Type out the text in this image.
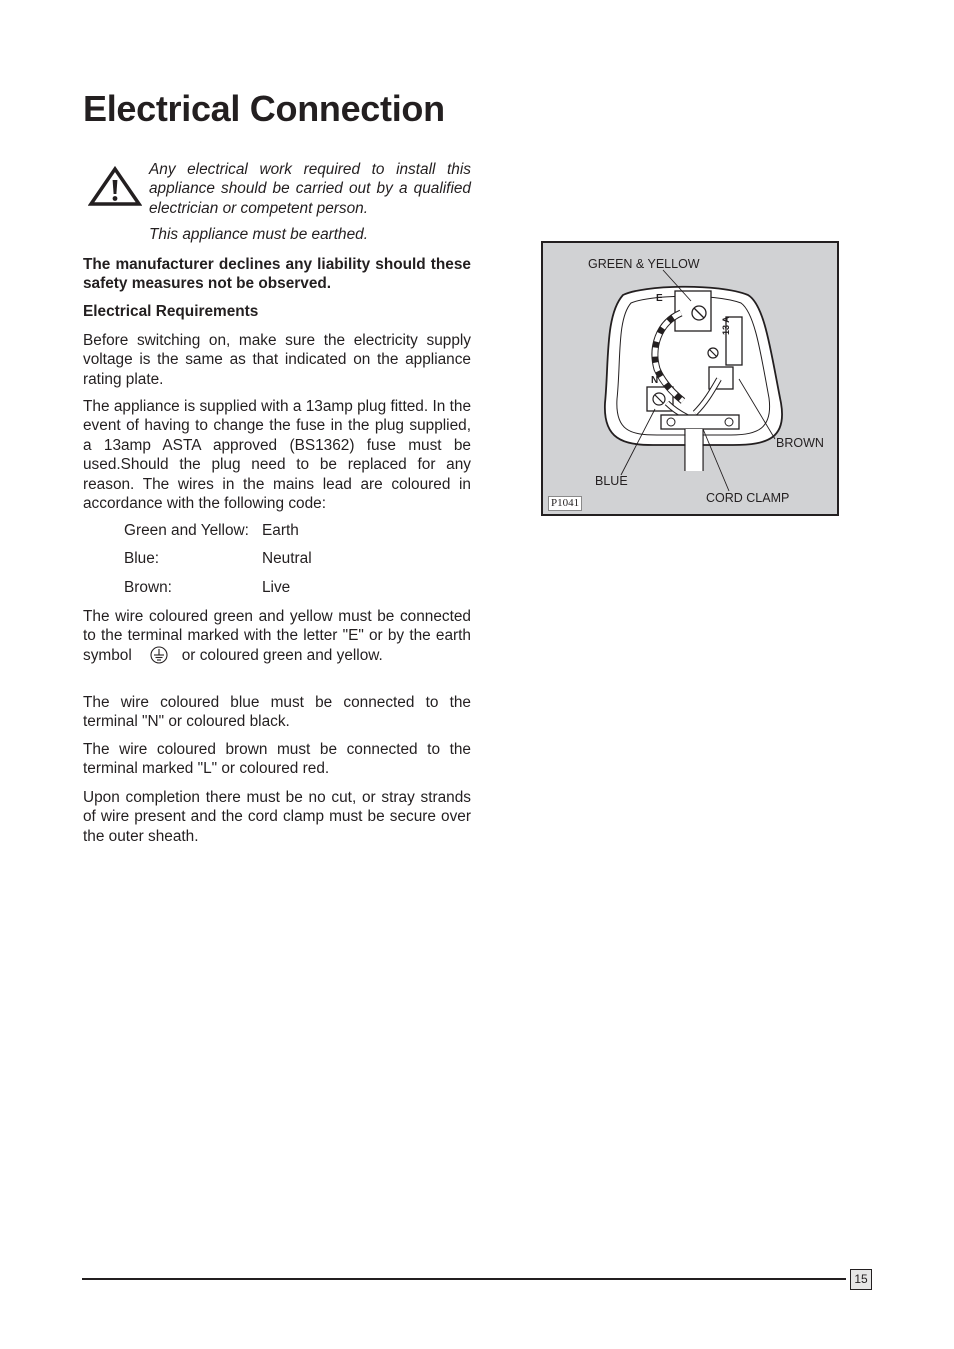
Electrical Connection
Any electrical work required to install this appliance should be carried out by a qualified electrician or competent person.
This appliance must be earthed.

The manufacturer declines any liability should these safety measures not be observed.

Electrical Requirements

Before switching on, make sure the electricity supply voltage is the same as that indicated on the appliance rating plate.

The appliance is supplied with a 13amp plug fitted. In the event of having to change the fuse in the plug supplied, a 13amp ASTA approved (BS1362) fuse must be used.Should the plug need to be replaced for any reason. The wires in the mains lead are coloured in accordance with the following code:

Green and Yellow: Earth
Blue:	Neutral
Brown:	Live

The wire coloured green and yellow must be connected to the terminal marked with the letter "E" or by the earth symbol	or coloured green and yellow.

The wire coloured blue must be connected to the terminal "N" or coloured black.

The wire coloured brown must be connected to the terminal marked "L" or coloured red.

Upon completion there must be no cut, or stray strands of wire present and the cord clamp must be secure over the outer sheath.

E
N
13 A
GREEN & YELLOW
BROWN
BLUE
CORD CLAMP
P1041
15
